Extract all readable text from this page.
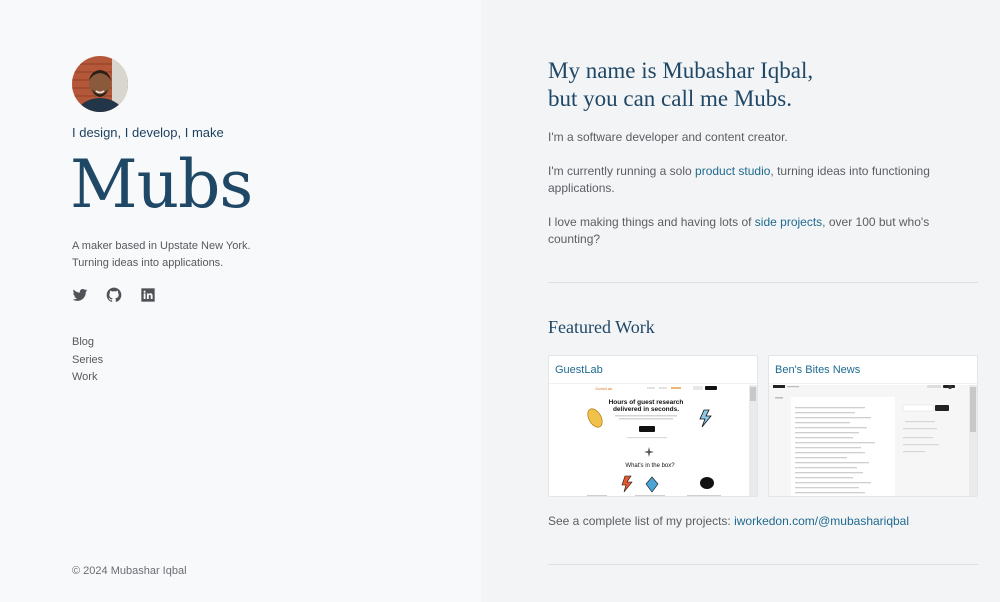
I design, I develop, I make
Mubs
A maker based in Upstate New York.
Turning ideas into applications.
Blog
Series
Work
© 2024 Mubashar Iqbal
My name is Mubashar Iqbal,
but you can call me Mubs.
I'm a software developer and content creator.
I'm currently running a solo product studio, turning ideas into functioning
applications.
I love making things and having lots of side projects, over 100 but who's
counting?
Featured Work
GuestLab
GuestLab
Hours of guest research
delivered in seconds.
What's in the box?
Ben's Bites News
See a complete list of my projects: iworkedon.com/@mubashariqbal
